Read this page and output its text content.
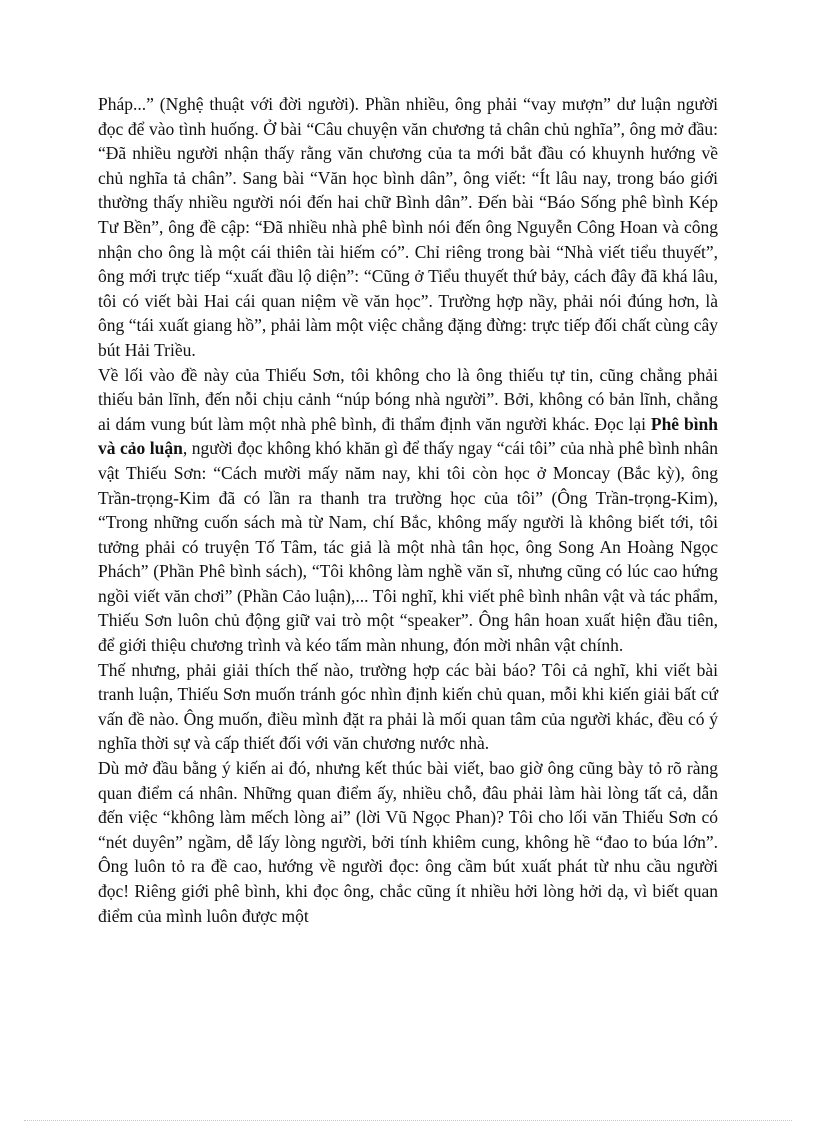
Pháp...” (Nghệ thuật với đời người). Phần nhiều, ông phải “vay mượn” dư luận người đọc để vào tình huống. Ở bài “Câu chuyện văn chương tả chân chủ nghĩa”, ông mở đầu: “Đã nhiều người nhận thấy rằng văn chương của ta mới bắt đầu có khuynh hướng về chủ nghĩa tả chân”. Sang bài “Văn học bình dân”, ông viết: “Ít lâu nay, trong báo giới thường thấy nhiều người nói đến hai chữ Bình dân”. Đến bài “Báo Sống phê bình Kép Tư Bền”, ông đề cập: “Đã nhiều nhà phê bình nói đến ông Nguyễn Công Hoan và công nhận cho ông là một cái thiên tài hiếm có”. Chỉ riêng trong bài “Nhà viết tiểu thuyết”, ông mới trực tiếp “xuất đầu lộ diện”: “Cũng ở Tiểu thuyết thứ bảy, cách đây đã khá lâu, tôi có viết bài Hai cái quan niệm về văn học”. Trường hợp nầy, phải nói đúng hơn, là ông “tái xuất giang hồ”, phải làm một việc chẳng đặng đừng: trực tiếp đối chất cùng cây bút Hải Triều.

Về lối vào đề này của Thiếu Sơn, tôi không cho là ông thiếu tự tin, cũng chẳng phải thiếu bản lĩnh, đến nỗi chịu cảnh “núp bóng nhà người”. Bởi, không có bản lĩnh, chẳng ai dám vung bút làm một nhà phê bình, đi thẩm định văn người khác. Đọc lại Phê bình và cảo luận, người đọc không khó khăn gì để thấy ngay “cái tôi” của nhà phê bình nhân vật Thiếu Sơn: “Cách mười mấy năm nay, khi tôi còn học ở Moncay (Bắc kỳ), ông Trần-trọng-Kim đã có lần ra thanh tra trường học của tôi” (Ông Trần-trọng-Kim), “Trong những cuốn sách mà từ Nam, chí Bắc, không mấy người là không biết tới, tôi tưởng phải có truyện Tố Tâm, tác giả là một nhà tân học, ông Song An Hoàng Ngọc Phách” (Phần Phê bình sách), “Tôi không làm nghề văn sĩ, nhưng cũng có lúc cao hứng ngồi viết văn chơi” (Phần Cảo luận),... Tôi nghĩ, khi viết phê bình nhân vật và tác phẩm, Thiếu Sơn luôn chủ động giữ vai trò một “speaker”. Ông hân hoan xuất hiện đầu tiên, để giới thiệu chương trình và kéo tấm màn nhung, đón mời nhân vật chính.

Thế nhưng, phải giải thích thế nào, trường hợp các bài báo? Tôi cả nghĩ, khi viết bài tranh luận, Thiếu Sơn muốn tránh góc nhìn định kiến chủ quan, mỗi khi kiến giải bất cứ vấn đề nào. Ông muốn, điều mình đặt ra phải là mối quan tâm của người khác, đều có ý nghĩa thời sự và cấp thiết đối với văn chương nước nhà.

Dù mở đầu bằng ý kiến ai đó, nhưng kết thúc bài viết, bao giờ ông cũng bày tỏ rõ ràng quan điểm cá nhân. Những quan điểm ấy, nhiều chỗ, đâu phải làm hài lòng tất cả, dẫn đến việc “không làm mếch lòng ai” (lời Vũ Ngọc Phan)? Tôi cho lối văn Thiếu Sơn có “nét duyên” ngầm, dễ lấy lòng người, bởi tính khiêm cung, không hề “đao to búa lớn”. Ông luôn tỏ ra đề cao, hướng về người đọc: ông cầm bút xuất phát từ nhu cầu người đọc! Riêng giới phê bình, khi đọc ông, chắc cũng ít nhiều hởi lòng hởi dạ, vì biết quan điểm của mình luôn được một
